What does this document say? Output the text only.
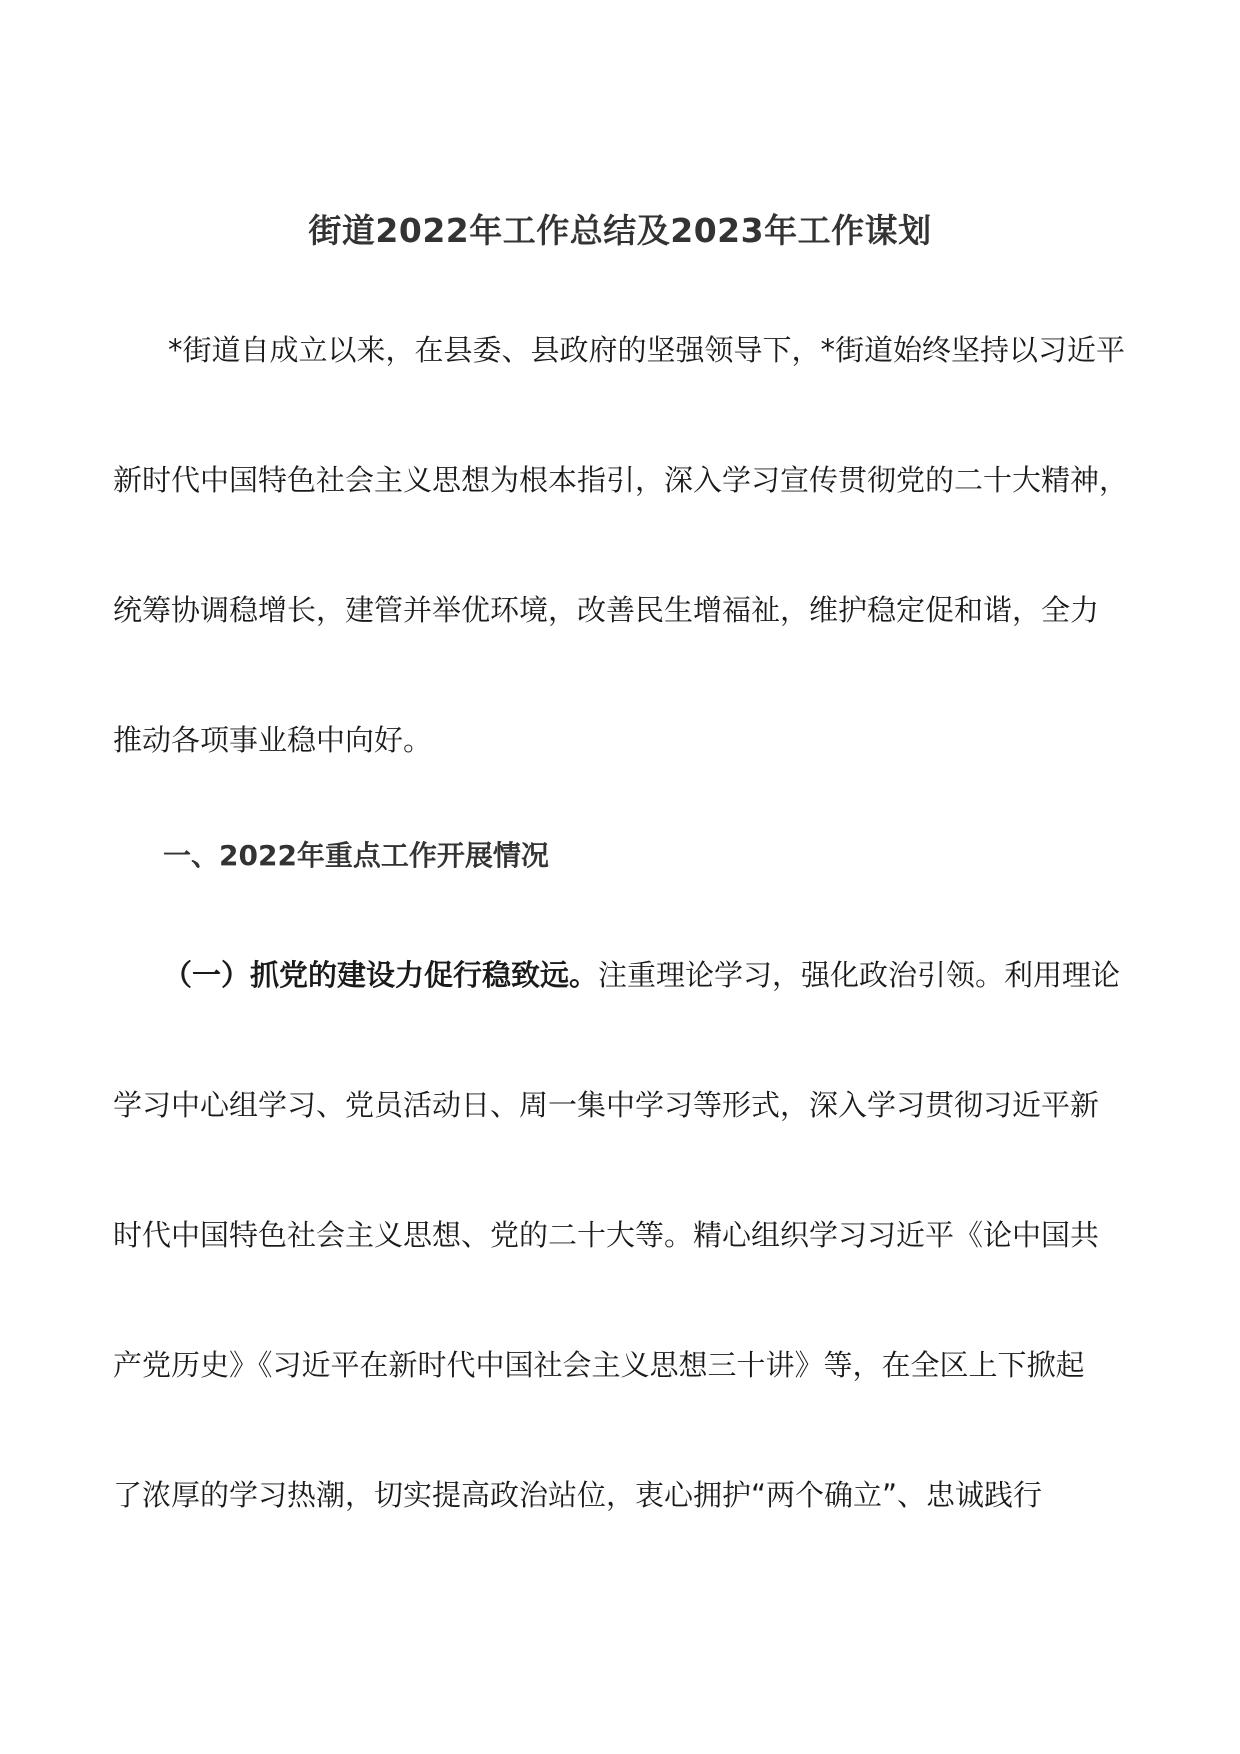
街道2022年工作总结及2023年工作谋划
*街道自成立以来，在县委、县政府的坚强领导下，*街道始终坚持以习近平
新时代中国特色社会主义思想为根本指引，深入学习宣传贯彻党的二十大精神，
统筹协调稳增长，建管并举优环境，改善民生增福祉，维护稳定促和谐，全力
推动各项事业稳中向好。
一、2022年重点工作开展情况
（一）抓党的建设力促行稳致远。注重理论学习，强化政治引领。利用理论
学习中心组学习、党员活动日、周一集中学习等形式，深入学习贯彻习近平新
时代中国特色社会主义思想、党的二十大等。精心组织学习习近平《论中国共
产党历史》《习近平在新时代中国社会主义思想三十讲》等，在全区上下掀起
了浓厚的学习热潮，切实提高政治站位，衷心拥护“两个确立”、忠诚践行
